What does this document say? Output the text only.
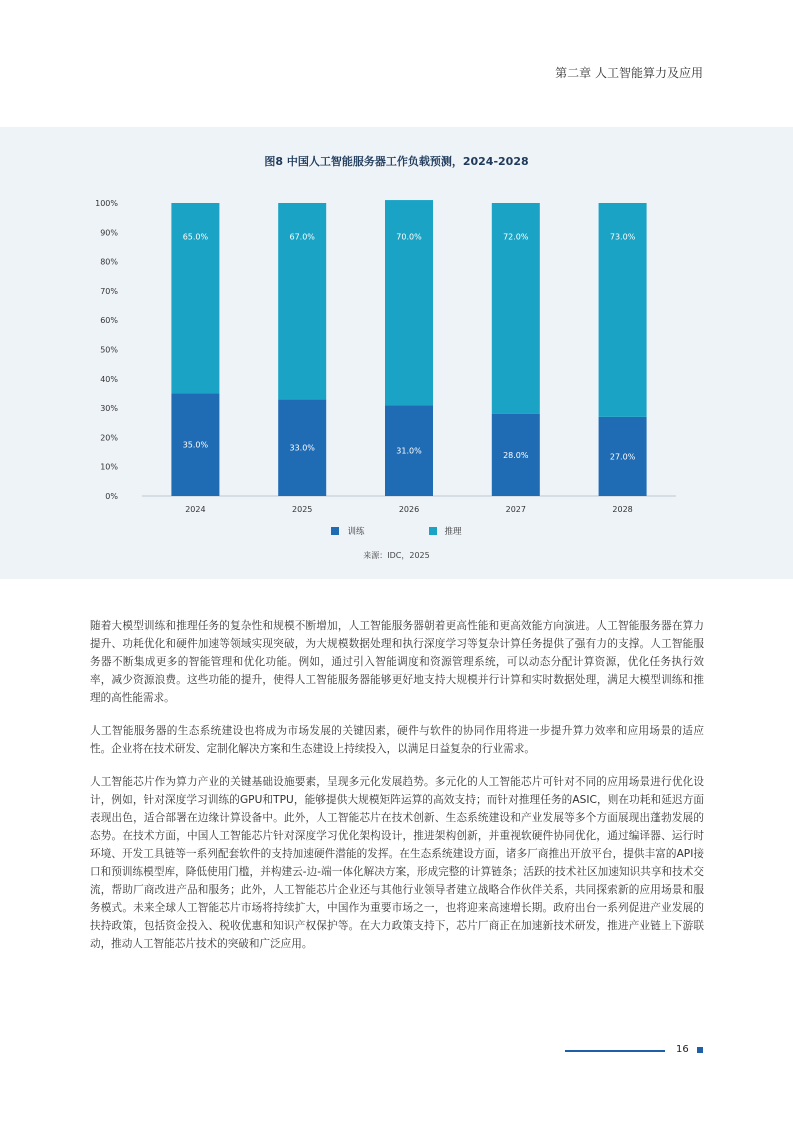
第二章 人工智能算力及应用
图8 中国人工智能服务器工作负载预测，2024-2028
0%
10%
20%
30%
40%
50%
60%
70%
80%
90%
100%
35.0%
65.0%
2024
33.0%
67.0%
2025
31.0%
70.0%
2026
28.0%
72.0%
2027
27.0%
73.0%
2028
训练	推理
来源：IDC，2025

随着大模型训练和推理任务的复杂性和规模不断增加，人工智能服务器朝着更高性能和更高效能方向演进。人工智能服务器在算力提升、功耗优化和硬件加速等领域实现突破，为大规模数据处理和执行深度学习等复杂计算任务提供了强有力的支撑。人工智能服务器不断集成更多的智能管理和优化功能。例如，通过引入智能调度和资源管理系统，可以动态分配计算资源，优化任务执行效率，减少资源浪费。这些功能的提升，使得人工智能服务器能够更好地支持大规模并行计算和实时数据处理，满足大模型训练和推理的高性能需求。

人工智能服务器的生态系统建设也将成为市场发展的关键因素，硬件与软件的协同作用将进一步提升算力效率和应用场景的适应性。企业将在技术研发、定制化解决方案和生态建设上持续投入，以满足日益复杂的行业需求。

人工智能芯片作为算力产业的关键基础设施要素，呈现多元化发展趋势。多元化的人工智能芯片可针对不同的应用场景进行优化设计，例如，针对深度学习训练的GPU和TPU，能够提供大规模矩阵运算的高效支持；而针对推理任务的ASIC，则在功耗和延迟方面表现出色，适合部署在边缘计算设备中。此外，人工智能芯片在技术创新、生态系统建设和产业发展等多个方面展现出蓬勃发展的态势。在技术方面，中国人工智能芯片针对深度学习优化架构设计，推进架构创新，并重视软硬件协同优化，通过编译器、运行时环境、开发工具链等一系列配套软件的支持加速硬件潜能的发挥。在生态系统建设方面，诸多厂商推出开放平台，提供丰富的API接口和预训练模型库，降低使用门槛，并构建云-边-端一体化解决方案，形成完整的计算链条；活跃的技术社区加速知识共享和技术交流，帮助厂商改进产品和服务；此外，人工智能芯片企业还与其他行业领导者建立战略合作伙伴关系，共同探索新的应用场景和服务模式。未来全球人工智能芯片市场将持续扩大，中国作为重要市场之一，也将迎来高速增长期。政府出台一系列促进产业发展的扶持政策，包括资金投入、税收优惠和知识产权保护等。在大力政策支持下，芯片厂商正在加速新技术研发，推进产业链上下游联动，推动人工智能芯片技术的突破和广泛应用。

16
